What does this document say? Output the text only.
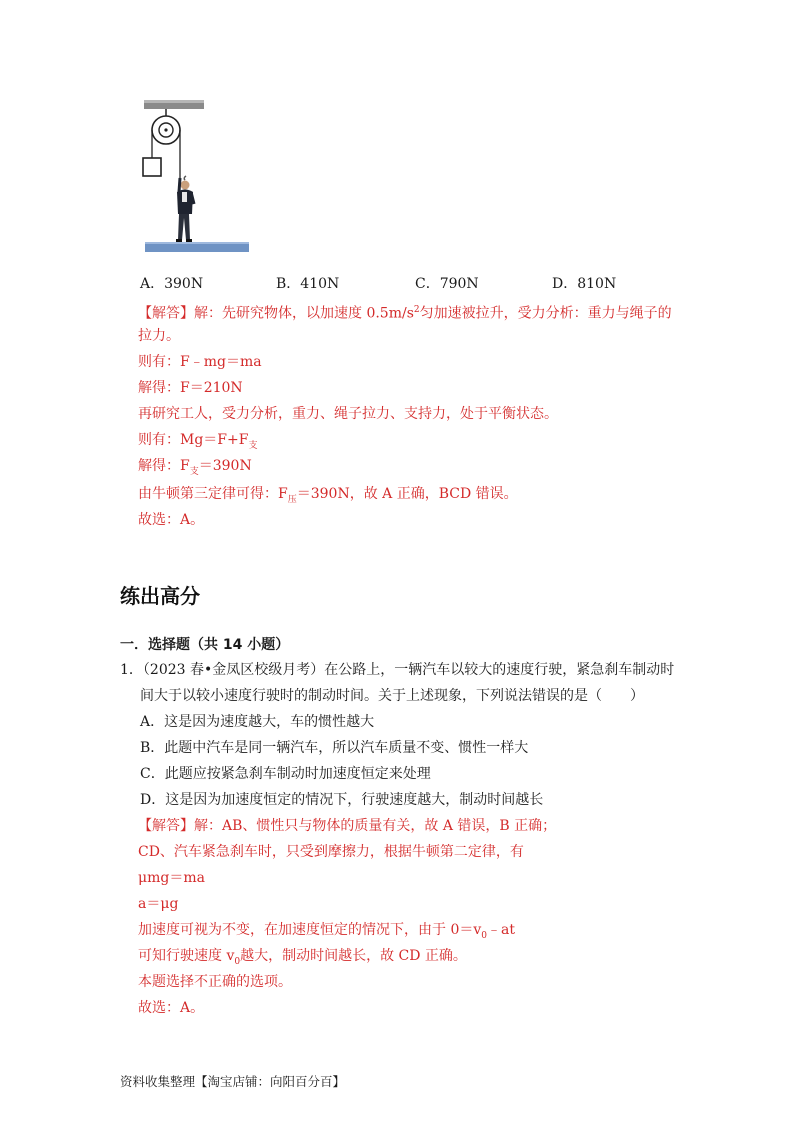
A．390N	B．410N	C．790N	D．810N
【解答】解：先研究物体，以加速度 $0.5m/s^2$匀加速被拉升，受力分析：重力与绳子的
拉力。
则有：F﹣mg＝ma
解得：F＝210N
再研究工人，受力分析，重力、绳子拉力、支持力，处于平衡状态。
则有：$Mg=F+F_支$
解得：$F_支=390N$
由牛顿第三定律可得：$F_压=390N$，故 A 正确，BCD 错误。
故选：A。
练出高分
一．选择题（共 14 小题）
1．（2023 春•金凤区校级月考）在公路上，一辆汽车以较大的速度行驶，紧急刹车制动时
间大于以较小速度行驶时的制动时间。关于上述现象，下列说法错误的是（　　）
A．这是因为速度越大，车的惯性越大
B．此题中汽车是同一辆汽车，所以汽车质量不变、惯性一样大
C．此题应按紧急刹车制动时加速度恒定来处理
D．这是因为加速度恒定的情况下，行驶速度越大，制动时间越长
【解答】解：AB、惯性只与物体的质量有关，故 A 错误，B 正确；
CD、汽车紧急刹车时，只受到摩擦力，根据牛顿第二定律，有
μmg＝ma
a＝μg
加速度可视为不变，在加速度恒定的情况下，由于 $0=v_0﹣at$
可知行驶速度 $v_0$越大，制动时间越长，故 CD 正确。
本题选择不正确的选项。
故选：A。
资料收集整理【淘宝店铺：向阳百分百】
